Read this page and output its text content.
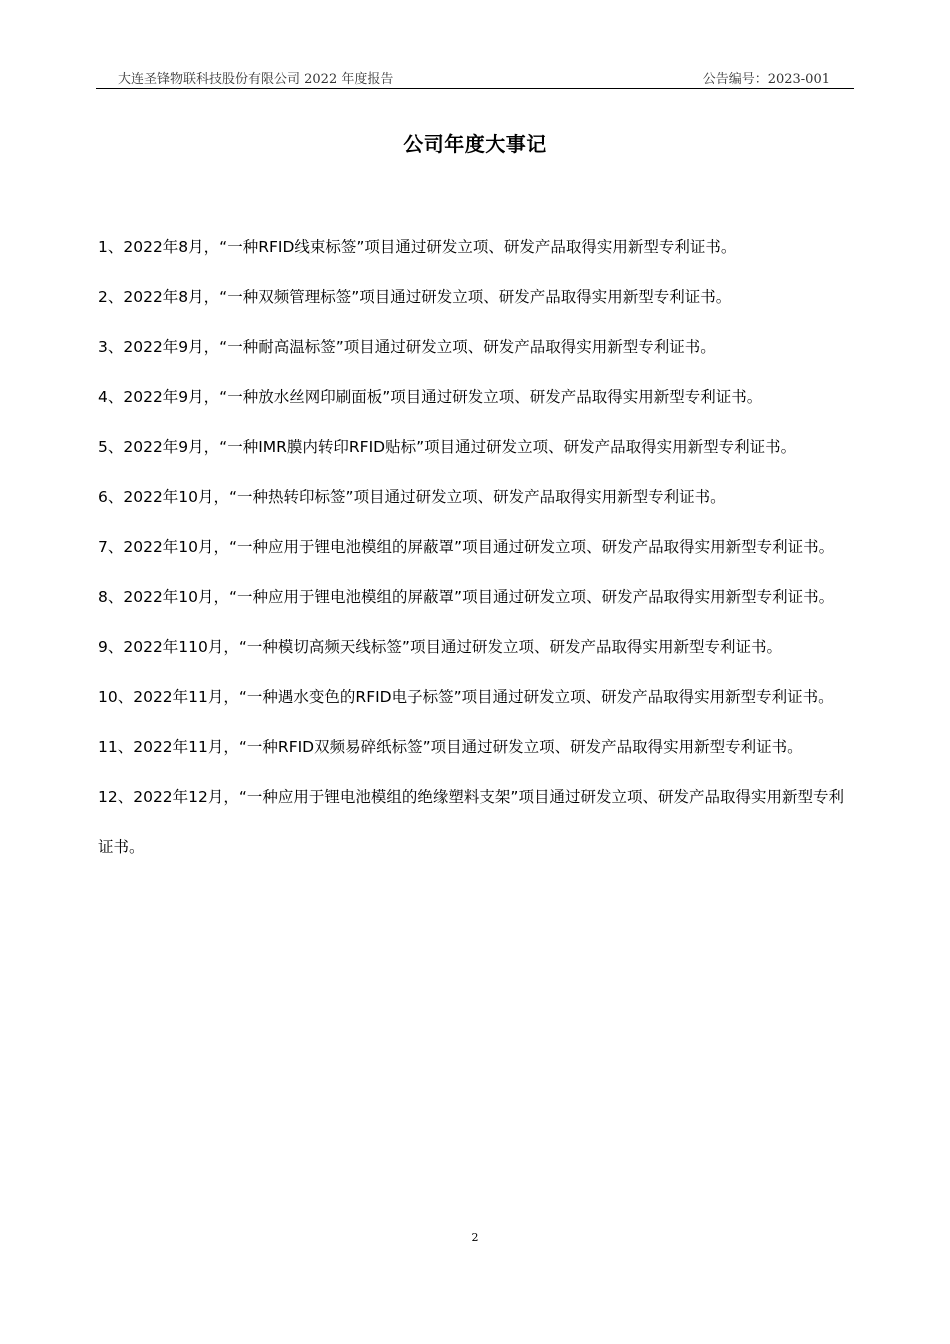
大连圣锋物联科技股份有限公司 2022 年度报告	公告编号：2023-001
公司年度大事记
1、2022年8月，“一种RFID线束标签”项目通过研发立项、研发产品取得实用新型专利证书。
2、2022年8月，“一种双频管理标签”项目通过研发立项、研发产品取得实用新型专利证书。
3、2022年9月，“一种耐高温标签”项目通过研发立项、研发产品取得实用新型专利证书。
4、2022年9月，“一种放水丝网印刷面板”项目通过研发立项、研发产品取得实用新型专利证书。
5、2022年9月，“一种IMR膜内转印RFID贴标”项目通过研发立项、研发产品取得实用新型专利证书。
6、2022年10月，“一种热转印标签”项目通过研发立项、研发产品取得实用新型专利证书。
7、2022年10月，“一种应用于锂电池模组的屏蔽罩”项目通过研发立项、研发产品取得实用新型专利证书。
8、2022年10月，“一种应用于锂电池模组的屏蔽罩”项目通过研发立项、研发产品取得实用新型专利证书。
9、2022年110月，“一种模切高频天线标签”项目通过研发立项、研发产品取得实用新型专利证书。
10、2022年11月，“一种遇水变色的RFID电子标签”项目通过研发立项、研发产品取得实用新型专利证书。
11、2022年11月，“一种RFID双频易碎纸标签”项目通过研发立项、研发产品取得实用新型专利证书。
12、2022年12月，“一种应用于锂电池模组的绝缘塑料支架”项目通过研发立项、研发产品取得实用新型专利证书。
2
